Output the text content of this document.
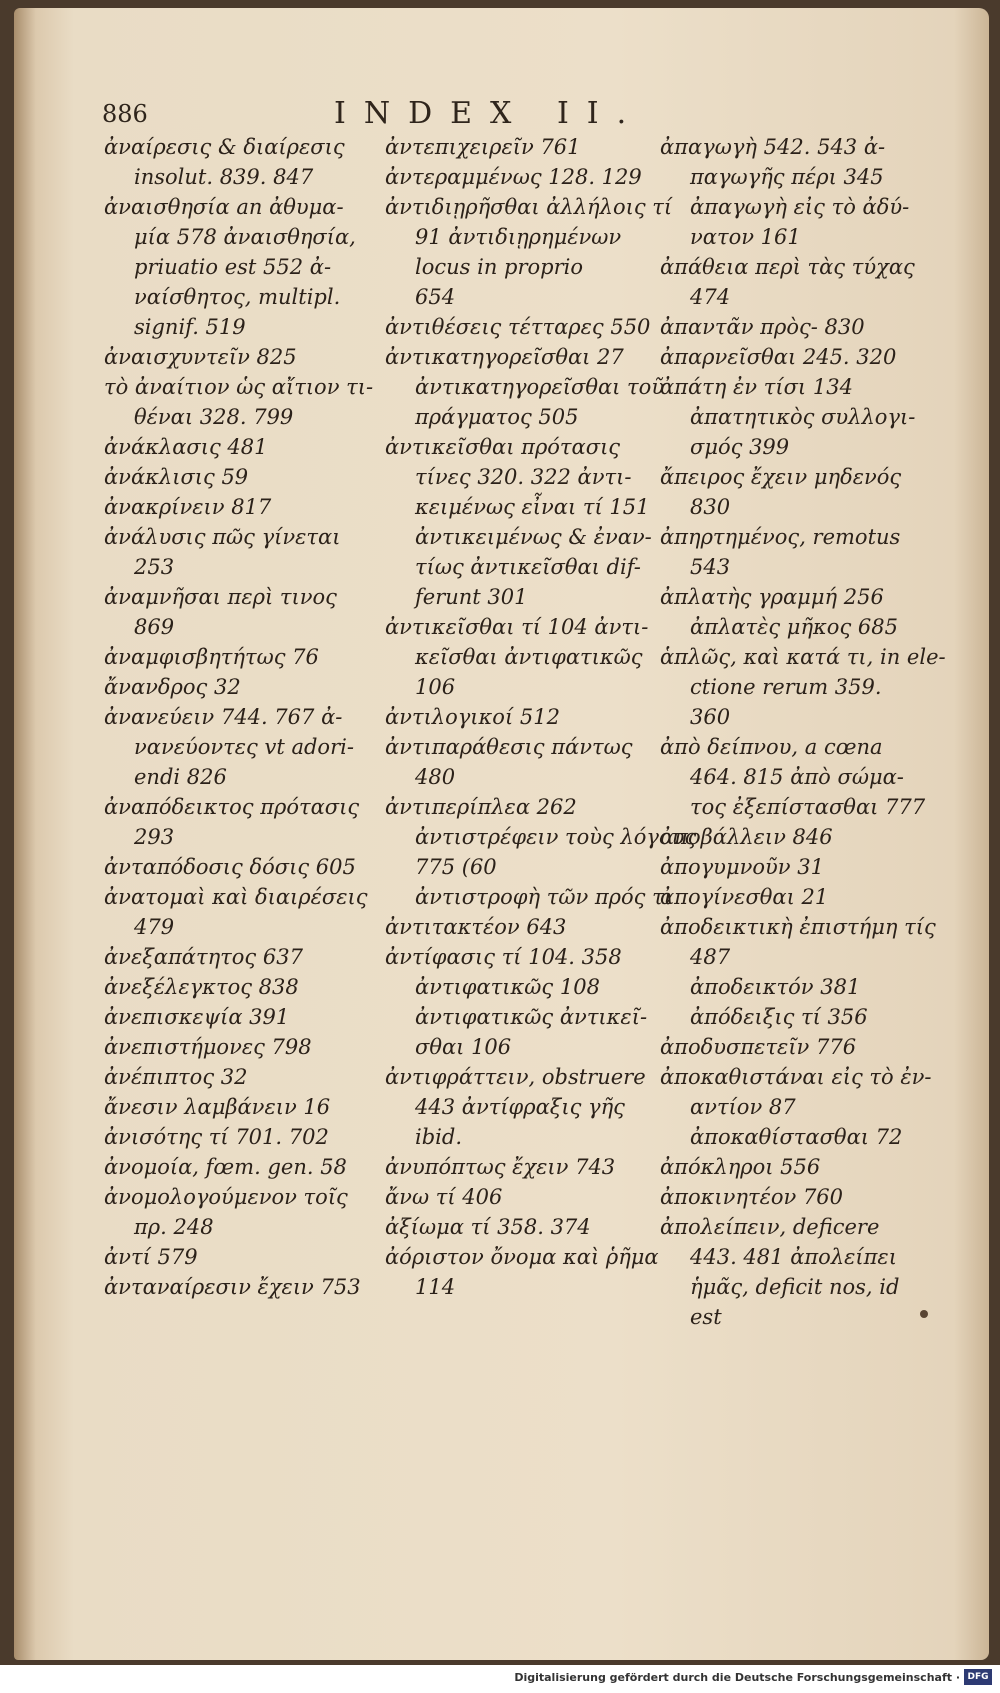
886	INDEX II.
ἀναίρεσις & διαίρεσις
insolut. 839. 847
ἀναισθησία an ἀθυμα-
μία 578 ἀναισθησία,
priuatio est 552 ἀ-
ναίσθητος, multipl.
signif. 519
ἀναισχυντεῖν 825
τὸ ἀναίτιον ὡς αἴτιον τι-
θέναι 328. 799
ἀνάκλασις 481
ἀνάκλισις 59
ἀνακρίνειν 817
ἀνάλυσις πῶς γίνεται
253
ἀναμνῆσαι περὶ τινος
869
ἀναμφισβητήτως 76
ἄνανδρος 32
ἀνανεύειν 744. 767 ἀ-
νανεύοντες vt adori-
endi 826
ἀναπόδεικτος πρότασις
293
ἀνταπόδοσις δόσις 605
ἀνατομαὶ καὶ διαιρέσεις
479
ἀνεξαπάτητος 637
ἀνεξέλεγκτος 838
ἀνεπισκεψία 391
ἀνεπιστήμονες 798
ἀνέπιπτος 32
ἄνεσιν λαμβάνειν 16
ἀνισότης τί 701. 702
ἀνομοία, fœm. gen. 58
ἀνομολογούμενον τοῖς
πρ. 248
ἀντί 579
ἀνταναίρεσιν ἔχειν 753
ἀντεπιχειρεῖν 761
ἀντεραμμένως 128. 129
ἀντιδιῃρῆσθαι ἀλλήλοις τί
91 ἀντιδιῃρημένων
locus in proprio
654
ἀντιθέσεις τέτταρες 550
ἀντικατηγορεῖσθαι 27
ἀντικατηγορεῖσθαι τοῦ
πράγματος 505
ἀντικεῖσθαι πρότασις
τίνες 320. 322 ἀντι-
κειμένως εἶναι τί 151
ἀντικειμένως & ἐναν-
τίως ἀντικεῖσθαι dif-
ferunt 301
ἀντικεῖσθαι τί 104 ἀντι-
κεῖσθαι ἀντιφατικῶς
106
ἀντιλογικοί 512
ἀντιπαράθεσις πάντως
480
ἀντιπερίπλεα 262
ἀντιστρέφειν τοὺς λόγους
775 (60
ἀντιστροφὴ τῶν πρός τι
ἀντιτακτέον 643
ἀντίφασις τί 104. 358
ἀντιφατικῶς 108
ἀντιφατικῶς ἀντικεῖ-
σθαι 106
ἀντιφράττειν, obstruere
443 ἀντίφραξις γῆς
ibid.
ἀνυπόπτως ἔχειν 743
ἄνω τί 406
ἀξίωμα τί 358. 374
ἀόριστον ὄνομα καὶ ῥῆμα
114
ἀπαγωγὴ 542. 543 ἀ-
παγωγῆς πέρι 345
ἀπαγωγὴ εἰς τὸ ἀδύ-
νατον 161
ἀπάθεια περὶ τὰς τύχας
474
ἀπαντᾶν πρὸς- 830
ἀπαρνεῖσθαι 245. 320
ἀπάτη ἐν τίσι 134
ἀπατητικὸς συλλογι-
σμός 399
ἄπειρος ἔχειν μηδενός
830
ἀπηρτημένος, remotus
543
ἀπλατὴς γραμμή 256
ἀπλατὲς μῆκος 685
ἁπλῶς, καὶ κατά τι, in ele-
ctione rerum 359.
360
ἀπὸ δείπνου, a cœna
464. 815 ἀπὸ σώμα-
τος ἐξεπίστασθαι 777
ἀποβάλλειν 846
ἀπογυμνοῦν 31
ἀπογίνεσθαι 21
ἀποδεικτικὴ ἐπιστήμη τίς
487
ἀποδεικτόν 381
ἀπόδειξις τί 356
ἀποδυσπετεῖν 776
ἀποκαθιστάναι εἰς τὸ ἐν-
αντίον 87
ἀποκαθίστασθαι 72
ἀπόκληροι 556
ἀποκινητέον 760
ἀπολείπειν, deficere
443. 481 ἀπολείπει
ἡμᾶς, deficit nos, id
est
Digitalisierung gefördert durch die Deutsche Forschungsgemeinschaft · DFG
